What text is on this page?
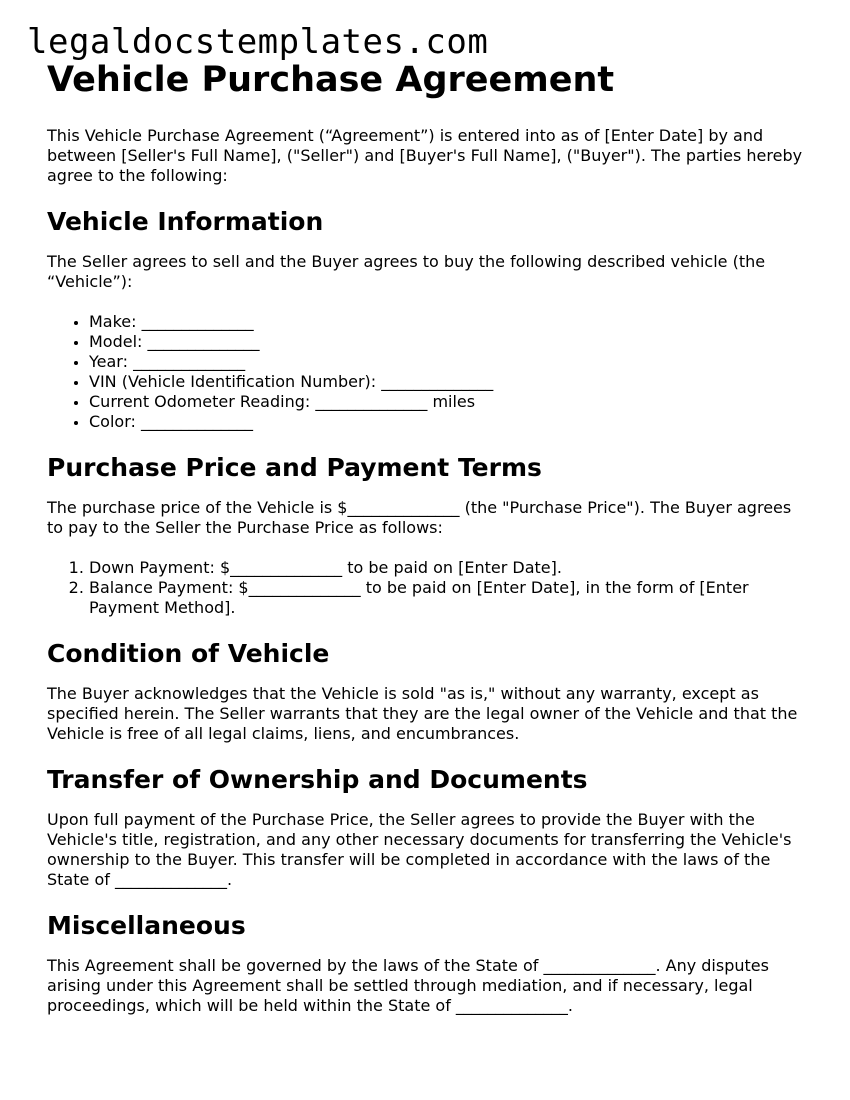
legaldocstemplates.com
Vehicle Purchase Agreement

This Vehicle Purchase Agreement (“Agreement”) is entered into as of [Enter Date] by and between [Seller's Full Name], ("Seller") and [Buyer's Full Name], ("Buyer"). The parties hereby agree to the following:

Vehicle Information

The Seller agrees to sell and the Buyer agrees to buy the following described vehicle (the “Vehicle”):

• Make: ______________
• Model: ______________
• Year: ______________
• VIN (Vehicle Identification Number): ______________
• Current Odometer Reading: ______________ miles
• Color: ______________
Purchase Price and Payment Terms

The purchase price of the Vehicle is $______________ (the "Purchase Price"). The Buyer agrees to pay to the Seller the Purchase Price as follows:

1. Down Payment: $______________ to be paid on [Enter Date].
2. Balance Payment: $______________ to be paid on [Enter Date], in the form of [Enter Payment Method].
Condition of Vehicle

The Buyer acknowledges that the Vehicle is sold "as is," without any warranty, except as specified herein. The Seller warrants that they are the legal owner of the Vehicle and that the Vehicle is free of all legal claims, liens, and encumbrances.

Transfer of Ownership and Documents

Upon full payment of the Purchase Price, the Seller agrees to provide the Buyer with the Vehicle's title, registration, and any other necessary documents for transferring the Vehicle's ownership to the Buyer. This transfer will be completed in accordance with the laws of the State of ______________.

Miscellaneous

This Agreement shall be governed by the laws of the State of ______________. Any disputes arising under this Agreement shall be settled through mediation, and if necessary, legal proceedings, which will be held within the State of ______________.
